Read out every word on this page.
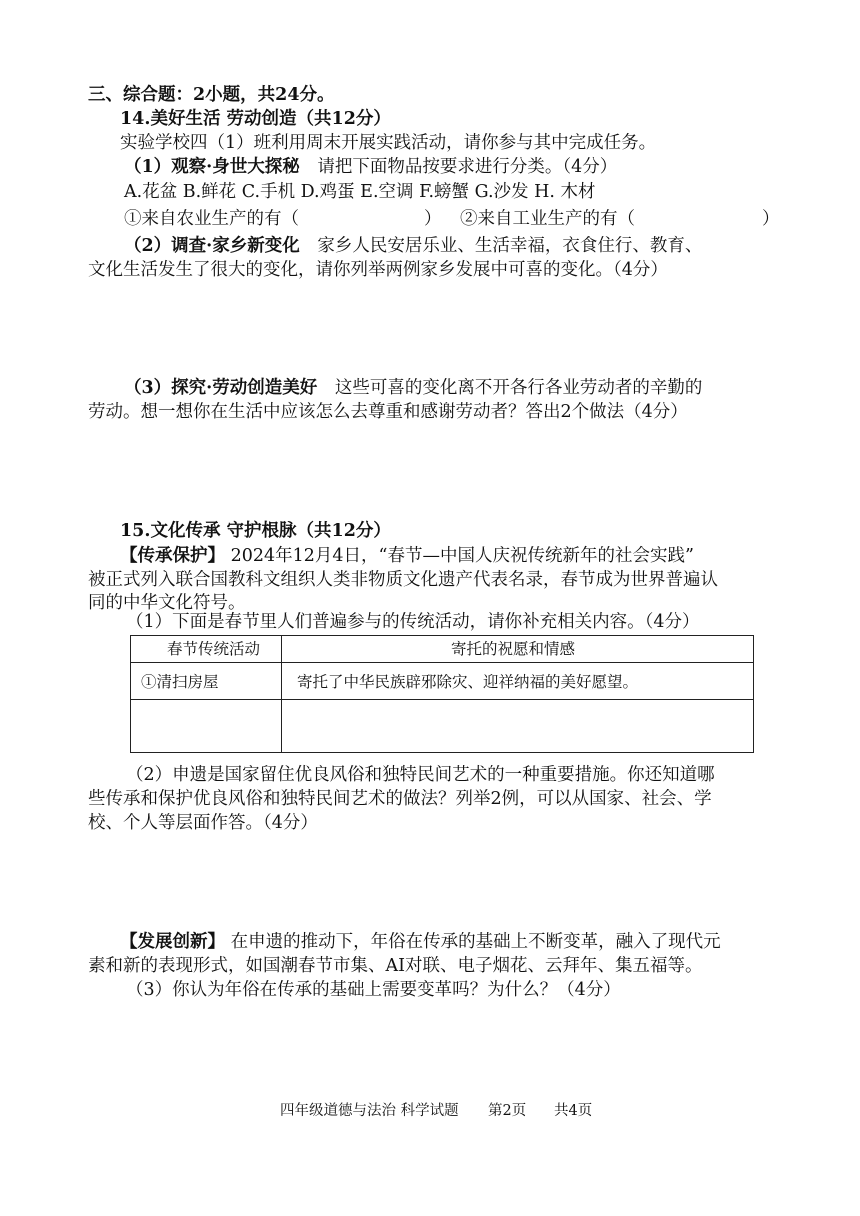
三、综合题：2小题，共24分。
14.美好生活 劳动创造（共12分）
实验学校四（1）班利用周末开展实践活动，请你参与其中完成任务。
（1）观察·身世大探秘 请把下面物品按要求进行分类。（4分）
A.花盆 B.鲜花 C.手机 D.鸡蛋 E.空调 F.螃蟹 G.沙发 H. 木材
①来自农业生产的有（	） ②来自工业生产的有（	）
（2）调查·家乡新变化 家乡人民安居乐业、生活幸福，衣食住行、教育、
文化生活发生了很大的变化，请你列举两例家乡发展中可喜的变化。（4分）
（3）探究·劳动创造美好 这些可喜的变化离不开各行各业劳动者的辛勤的
劳动。想一想你在生活中应该怎么去尊重和感谢劳动者？答出2个做法（4分）
15.文化传承 守护根脉（共12分）
【传承保护】 2024年12月4日，“春节—中国人庆祝传统新年的社会实践”
被正式列入联合国教科文组织人类非物质文化遗产代表名录，春节成为世界普遍认
同的中华文化符号。
（1）下面是春节里人们普遍参与的传统活动，请你补充相关内容。（4分）
春节传统活动	寄托的祝愿和情感
①清扫房屋	寄托了中华民族辟邪除灾、迎祥纳福的美好愿望。
（2）申遗是国家留住优良风俗和独特民间艺术的一种重要措施。你还知道哪
些传承和保护优良风俗和独特民间艺术的做法？列举2例，可以从国家、社会、学
校、个人等层面作答。（4分）
【发展创新】 在申遗的推动下，年俗在传承的基础上不断变革，融入了现代元
素和新的表现形式，如国潮春节市集、AI对联、电子烟花、云拜年、集五福等。
（3）你认为年俗在传承的基础上需要变革吗？为什么？（4分）
四年级道德与法治 科学试题 第2页 共4页
